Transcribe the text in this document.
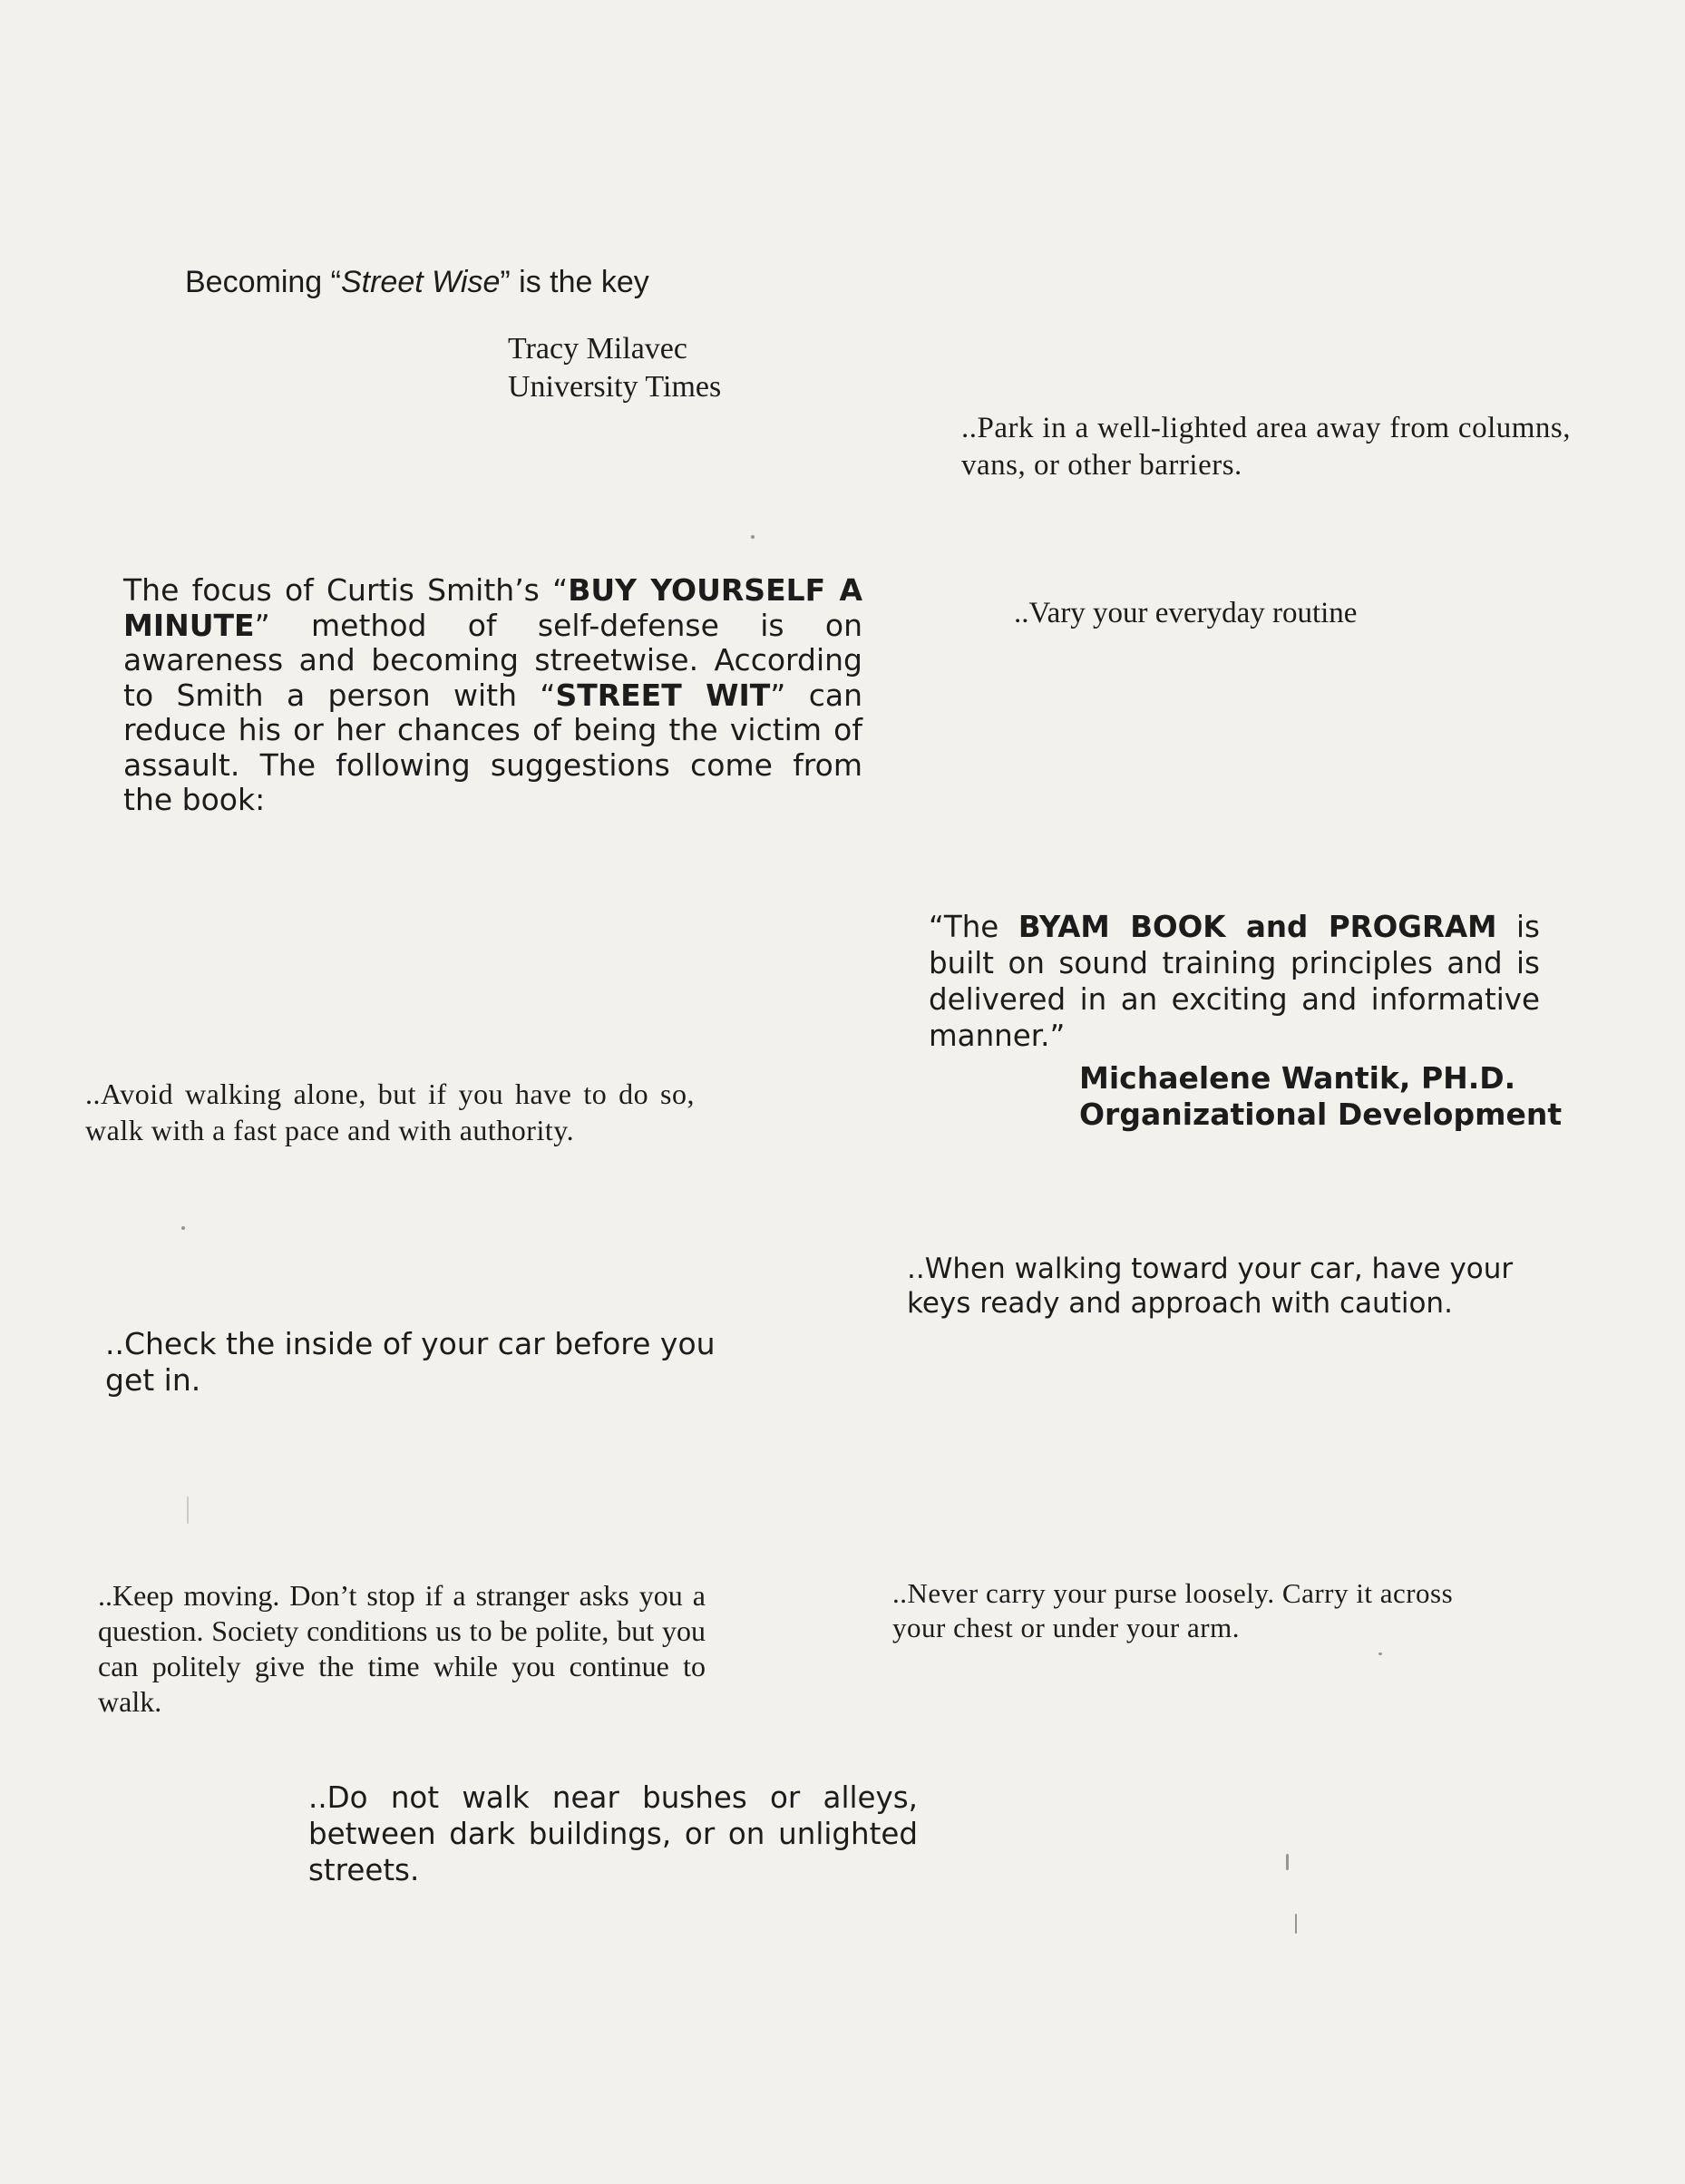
Becoming “Street Wise” is the key
Tracy Milavec
University Times

The focus of Curtis Smith’s “BUY YOURSELF A MINUTE” method of self-defense is on awareness and becoming streetwise. According to Smith a person with “STREET WIT” can reduce his or her chances of being the victim of assault. The following suggestions come from the book:

..Park in a well-lighted area away from columns, vans, or other barriers.

..Vary your everyday routine

“The BYAM BOOK and PROGRAM is built on sound training principles and is delivered in an exciting and informative manner.”

Michaelene Wantik, PH.D.
Organizational Development

..Avoid walking alone, but if you have to do so, walk with a fast pace and with authority.

..When walking toward your car, have your keys ready and approach with caution.

..Check the inside of your car before you get in.

..Keep moving. Don’t stop if a stranger asks you a question. Society conditions us to be polite, but you can politely give the time while you continue to walk.

..Never carry your purse loosely. Carry it across your chest or under your arm.

..Do not walk near bushes or alleys, between dark buildings, or on unlighted streets.
